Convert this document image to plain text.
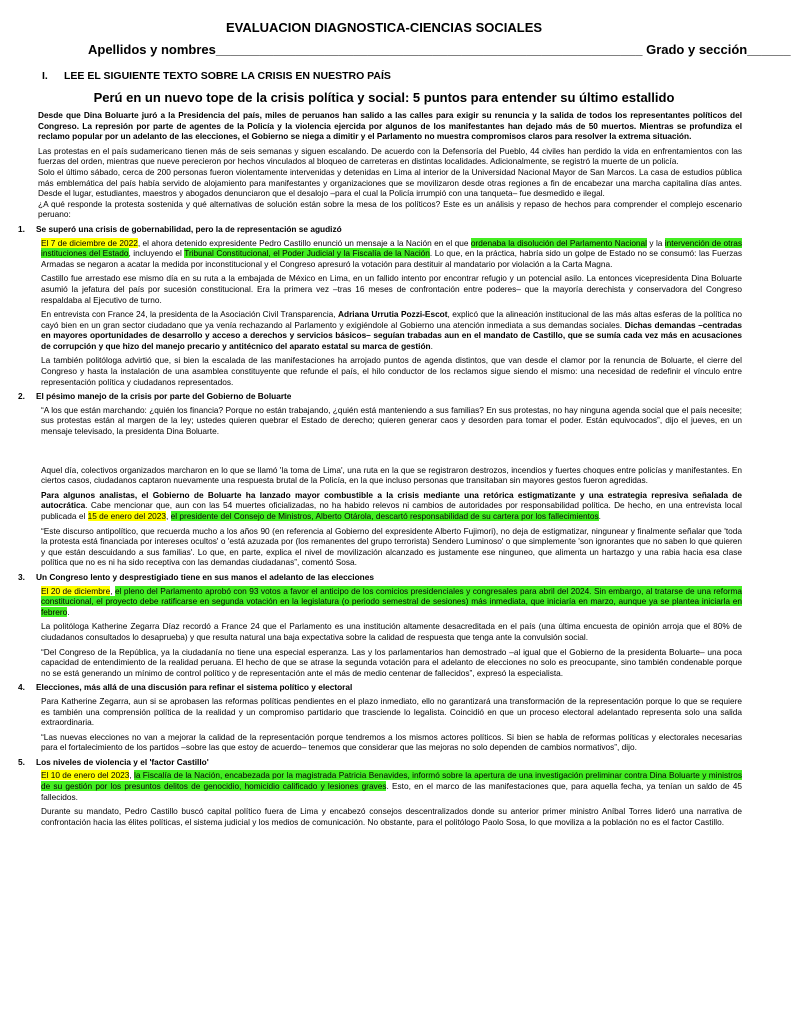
EVALUACION DIAGNOSTICA-CIENCIAS SOCIALES
Apellidos y nombres___________________________________________________________ Grado y sección______
I. LEE EL SIGUIENTE TEXTO SOBRE LA CRISIS EN NUESTRO PAÍS
Perú en un nuevo tope de la crisis política y social: 5 puntos para entender su último estallido

Desde que Dina Boluarte juró a la Presidencia del país, miles de peruanos han salido a las calles para exigir su renuncia y la salida de todos los representantes políticos del Congreso. La represión por parte de agentes de la Policía y la violencia ejercida por algunos de los manifestantes han dejado más de 50 muertos. Mientras se profundiza el reclamo popular por un adelanto de las elecciones, el Gobierno se niega a dimitir y el Parlamento no muestra compromisos claros para resolver la extrema situación.

Las protestas en el país sudamericano tienen más de seis semanas y siguen escalando. De acuerdo con la Defensoría del Pueblo, 44 civiles han perdido la vida en enfrentamientos con las fuerzas del orden, mientras que nueve perecieron por hechos vinculados al bloqueo de carreteras en distintas localidades. Adicionalmente, se registró la muerte de un policía.
Solo el último sábado, cerca de 200 personas fueron violentamente intervenidas y detenidas en Lima al interior de la Universidad Nacional Mayor de San Marcos. La casa de estudios pública más emblemática del país había servido de alojamiento para manifestantes y organizaciones que se movilizaron desde otras regiones a fin de encabezar una marcha capitalina días antes. Desde el lugar, estudiantes, maestros y abogados denunciaron que el desalojo –para el cual la Policía irrumpió con una tanqueta– fue desmedido e ilegal.
¿A qué responde la protesta sostenida y qué alternativas de solución están sobre la mesa de los políticos? Este es un análisis y repaso de hechos para comprender el complejo escenario peruano:
1. Se superó una crisis de gobernabilidad, pero la de representación se agudizó

El 7 de diciembre de 2022, el ahora detenido expresidente Pedro Castillo enunció un mensaje a la Nación en el que ordenaba la disolución del Parlamento Nacional y la intervención de otras instituciones del Estado, incluyendo el Tribunal Constitucional, el Poder Judicial y la Fiscalía de la Nación. Lo que, en la práctica, habría sido un golpe de Estado no se consumó: las Fuerzas Armadas se negaron a acatar la medida por inconstitucional y el Congreso apresuró la votación para destituir al mandatario por violación a la Carta Magna.

Castillo fue arrestado ese mismo día en su ruta a la embajada de México en Lima, en un fallido intento por encontrar refugio y un potencial asilo. La entonces vicepresidenta Dina Boluarte asumió la jefatura del país por sucesión constitucional. Era la primera vez –tras 16 meses de confrontación entre poderes– que la mayoría derechista y conservadora del Congreso respaldaba al Ejecutivo de turno.

En entrevista con France 24, la presidenta de la Asociación Civil Transparencia, Adriana Urrutia Pozzi-Escot, explicó que la alineación institucional de las más altas esferas de la política no cayó bien en un gran sector ciudadano que ya venía rechazando al Parlamento y exigiéndole al Gobierno una atención inmediata a sus demandas sociales. Dichas demandas –centradas en mayores oportunidades de desarrollo y acceso a derechos y servicios básicos– seguían trabadas aun en el mandato de Castillo, que se sumía cada vez más en acusaciones de corrupción y que hizo del manejo precario y antitécnico del aparato estatal su marca de gestión.

La también politóloga advirtió que, si bien la escalada de las manifestaciones ha arrojado puntos de agenda distintos, que van desde el clamor por la renuncia de Boluarte, el cierre del Congreso y hasta la instalación de una asamblea constituyente que refunde el país, el hilo conductor de los reclamos sigue siendo el mismo: una necesidad de redefinir el vínculo entre representación política y ciudadanos representados.

2. El pésimo manejo de la crisis por parte del Gobierno de Boluarte

“A los que están marchando: ¿quién los financia? Porque no están trabajando, ¿quién está manteniendo a sus familias? En sus protestas, no hay ninguna agenda social que el país necesite; sus protestas están al margen de la ley; ustedes quieren quebrar el Estado de derecho; quieren generar caos y desorden para tomar el poder. Están equivocados”, dijo el jueves, en un mensaje televisado, la presidenta Dina Boluarte.

Aquel día, colectivos organizados marcharon en lo que se llamó 'la toma de Lima', una ruta en la que se registraron destrozos, incendios y fuertes choques entre policías y manifestantes. En ciertos casos, ciudadanos captaron nuevamente una respuesta brutal de la Policía, en la que incluso personas que transitaban sin mayores gestos fueron agredidas.

Para algunos analistas, el Gobierno de Boluarte ha lanzado mayor combustible a la crisis mediante una retórica estigmatizante y una estrategia represiva señalada de autocrática. Cabe mencionar que, aun con las 54 muertes oficializadas, no ha habido relevos ni cambios de autoridades por responsabilidad política. De hecho, en una entrevista local publicada el 15 de enero del 2023, el presidente del Consejo de Ministros, Alberto Otárola, descartó responsabilidad de su cartera por los fallecimientos.

“Este discurso antipolítico, que recuerda mucho a los años 90 (en referencia al Gobierno del expresidente Alberto Fujimori), no deja de estigmatizar, ningunear y finalmente señalar que 'toda la protesta está financiada por intereses ocultos' o 'está azuzada por (los remanentes del grupo terrorista) Sendero Luminoso' o que simplemente 'son ignorantes que no saben lo que quieren y que están descuidando a sus familias'. Lo que, en parte, explica el nivel de movilización alcanzado es justamente ese ninguneo, que alimenta un hartazgo y una rabia hacia esa clase política que no es ni ha sido receptiva con las demandas ciudadanas”, comentó Sosa.

3. Un Congreso lento y desprestigiado tiene en sus manos el adelanto de las elecciones

El 20 de diciembre, el pleno del Parlamento aprobó con 93 votos a favor el anticipo de los comicios presidenciales y congresales para abril del 2024. Sin embargo, al tratarse de una reforma constitucional, el proyecto debe ratificarse en segunda votación en la legislatura (o periodo semestral de sesiones) más inmediata, que iniciaría en marzo, aunque ya se plantea iniciarla en febrero.

La politóloga Katherine Zegarra Díaz recordó a France 24 que el Parlamento es una institución altamente desacreditada en el país (una última encuesta de opinión arroja que el 80% de ciudadanos consultados lo desaprueba) y que resulta natural una baja expectativa sobre la calidad de respuesta que tenga ante la convulsión social.

“Del Congreso de la República, ya la ciudadanía no tiene una especial esperanza. Las y los parlamentarios han demostrado –al igual que el Gobierno de la presidenta Boluarte– una poca capacidad de entendimiento de la realidad peruana. El hecho de que se atrase la segunda votación para el adelanto de elecciones no solo es preocupante, sino también condenable porque no se está generando un mínimo de control político y de representación ante el más de medio centenar de fallecidos”, expresó la especialista.

4. Elecciones, más allá de una discusión para refinar el sistema político y electoral

Para Katherine Zegarra, aun si se aprobasen las reformas políticas pendientes en el plazo inmediato, ello no garantizará una transformación de la representación porque lo que se requiere es también una comprensión política de la realidad y un compromiso partidario que trasciende lo legalista. Coincidió en que un proceso electoral adelantado representa solo una salida extraordinaria.

“Las nuevas elecciones no van a mejorar la calidad de la representación porque tendremos a los mismos actores políticos. Si bien se habla de reformas políticas y electorales necesarias para el fortalecimiento de los partidos –sobre las que estoy de acuerdo– tenemos que considerar que las mejoras no solo dependen de cambios normativos”, dijo.

5. Los niveles de violencia y el 'factor Castillo'

El 10 de enero del 2023, la Fiscalía de la Nación, encabezada por la magistrada Patricia Benavides, informó sobre la apertura de una investigación preliminar contra Dina Boluarte y ministros de su gestión por los presuntos delitos de genocidio, homicidio calificado y lesiones graves. Esto, en el marco de las manifestaciones que, para aquella fecha, ya tenían un saldo de 45 fallecidos.

Durante su mandato, Pedro Castillo buscó capital político fuera de Lima y encabezó consejos descentralizados donde su anterior primer ministro Aníbal Torres lideró una narrativa de confrontación hacia las élites políticas, el sistema judicial y los medios de comunicación. No obstante, para el politólogo Paolo Sosa, lo que moviliza a la población no es el factor Castillo.
